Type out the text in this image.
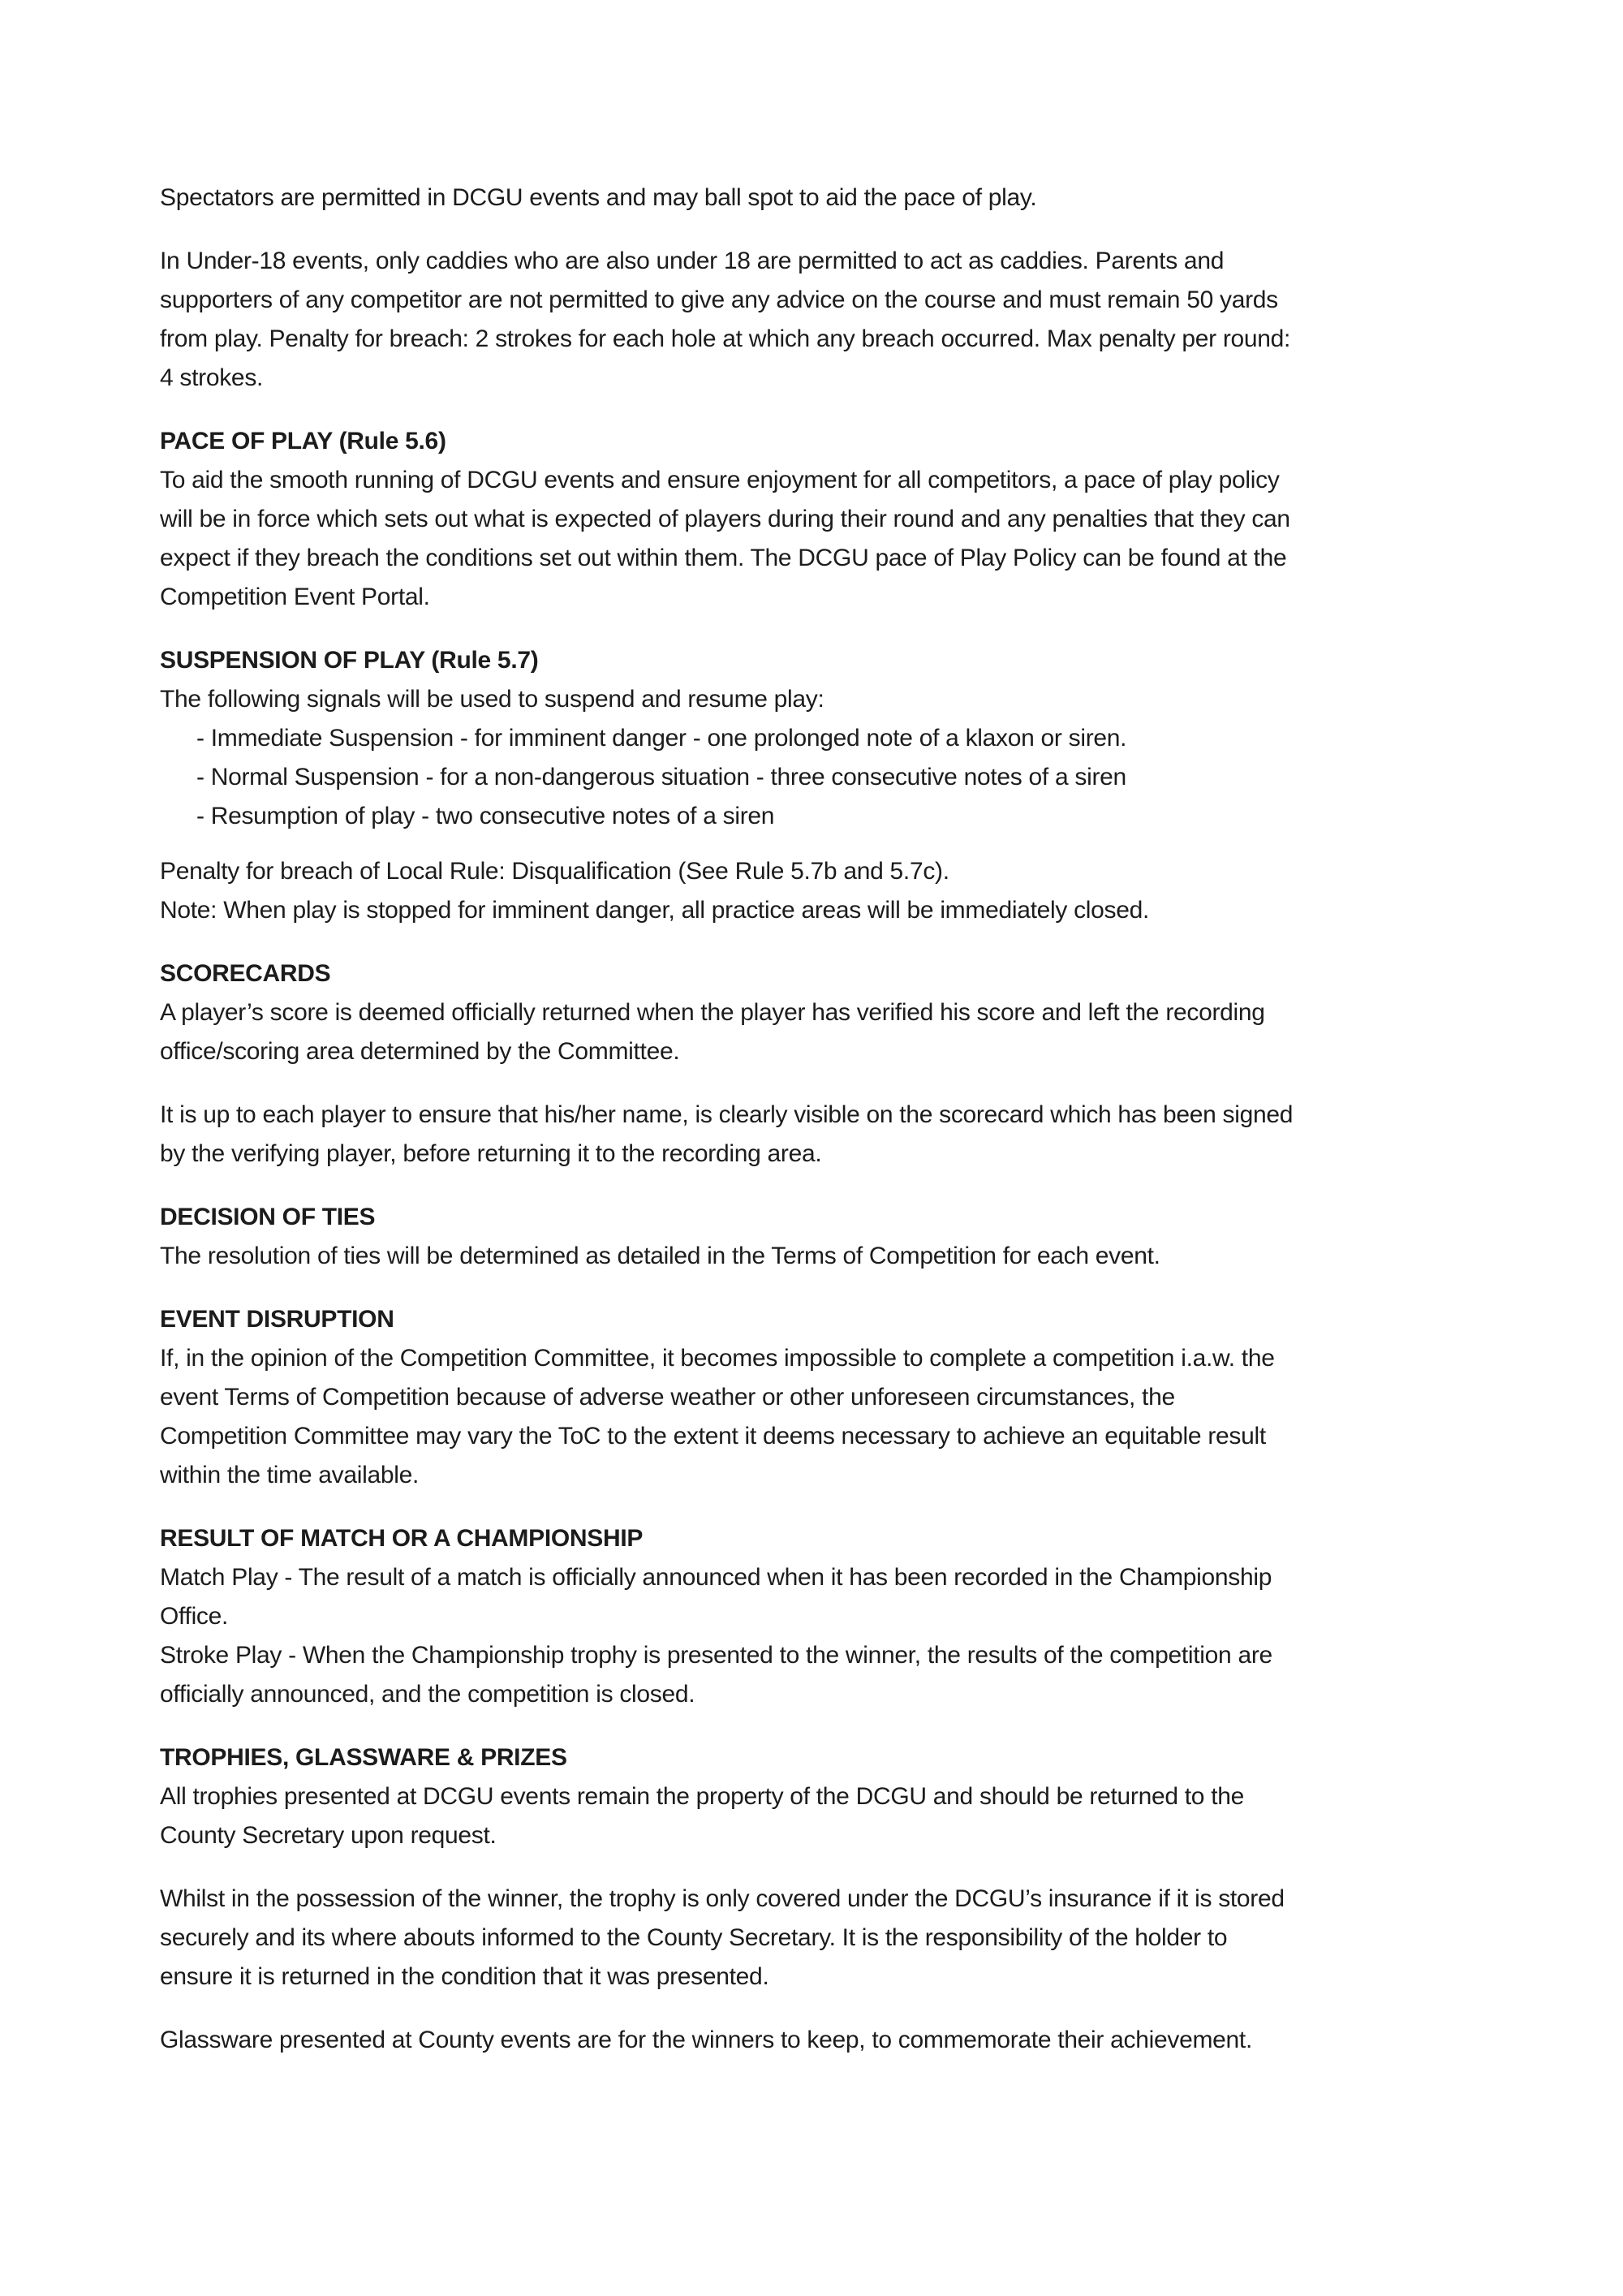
Spectators are permitted in DCGU events and may ball spot to aid the pace of play.

In Under-18 events, only caddies who are also under 18 are permitted to act as caddies. Parents and
supporters of any competitor are not permitted to give any advice on the course and must remain 50 yards
from play. Penalty for breach: 2 strokes for each hole at which any breach occurred. Max penalty per round:
4 strokes.

PACE OF PLAY (Rule 5.6)

To aid the smooth running of DCGU events and ensure enjoyment for all competitors, a pace of play policy
will be in force which sets out what is expected of players during their round and any penalties that they can
expect if they breach the conditions set out within them. The DCGU pace of Play Policy can be found at the
Competition Event Portal.

SUSPENSION OF PLAY (Rule 5.7)

The following signals will be used to suspend and resume play:

- Immediate Suspension - for imminent danger - one prolonged note of a klaxon or siren.
- Normal Suspension - for a non-dangerous situation - three consecutive notes of a siren
- Resumption of play - two consecutive notes of a siren

Penalty for breach of Local Rule: Disqualification (See Rule 5.7b and 5.7c).
Note: When play is stopped for imminent danger, all practice areas will be immediately closed.

SCORECARDS

A player’s score is deemed officially returned when the player has verified his score and left the recording
office/scoring area determined by the Committee.

It is up to each player to ensure that his/her name, is clearly visible on the scorecard which has been signed
by the verifying player, before returning it to the recording area.

DECISION OF TIES

The resolution of ties will be determined as detailed in the Terms of Competition for each event.

EVENT DISRUPTION

If, in the opinion of the Competition Committee, it becomes impossible to complete a competition i.a.w. the
event Terms of Competition because of adverse weather or other unforeseen circumstances, the
Competition Committee may vary the ToC to the extent it deems necessary to achieve an equitable result
within the time available.

RESULT OF MATCH OR A CHAMPIONSHIP

Match Play - The result of a match is officially announced when it has been recorded in the Championship
Office.
Stroke Play - When the Championship trophy is presented to the winner, the results of the competition are
officially announced, and the competition is closed.

TROPHIES, GLASSWARE & PRIZES

All trophies presented at DCGU events remain the property of the DCGU and should be returned to the
County Secretary upon request.

Whilst in the possession of the winner, the trophy is only covered under the DCGU’s insurance if it is stored
securely and its where abouts informed to the County Secretary. It is the responsibility of the holder to
ensure it is returned in the condition that it was presented.

Glassware presented at County events are for the winners to keep, to commemorate their achievement.
